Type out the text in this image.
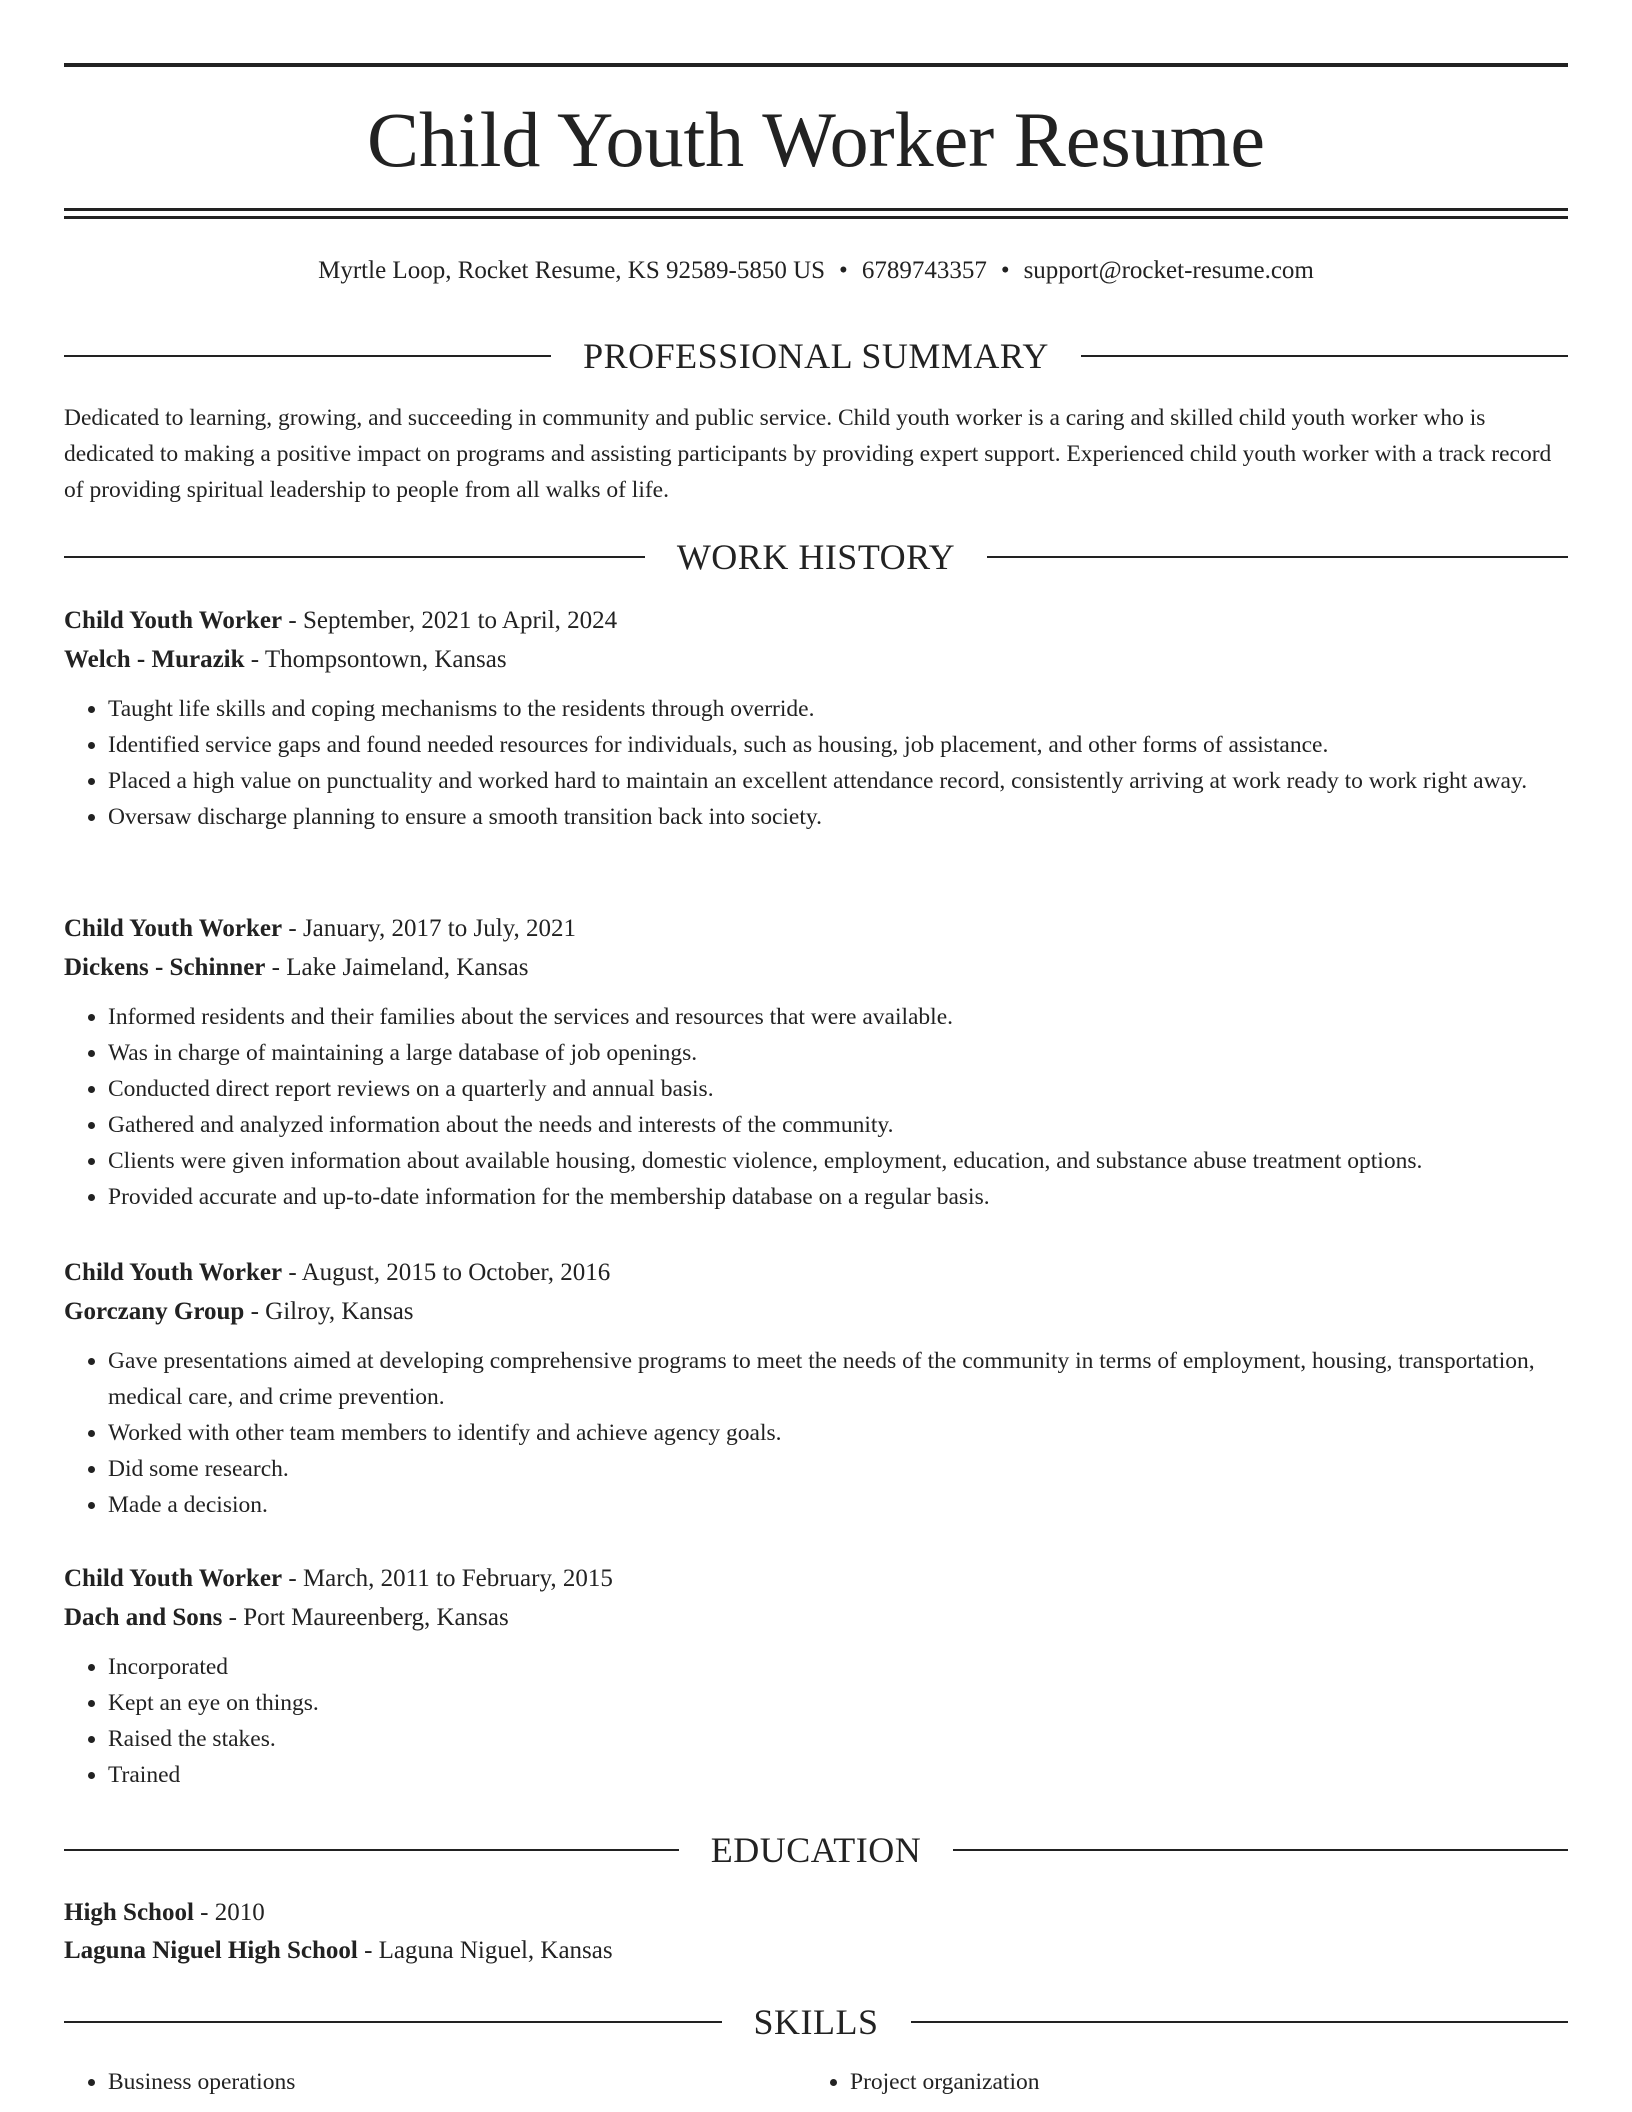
Child Youth Worker Resume
Myrtle Loop, Rocket Resume, KS 92589-5850 US • 6789743357 • support@rocket-resume.com
PROFESSIONAL SUMMARY

Dedicated to learning, growing, and succeeding in community and public service. Child youth worker is a caring and skilled child youth worker who is dedicated to making a positive impact on programs and assisting participants by providing expert support. Experienced child youth worker with a track record of providing spiritual leadership to people from all walks of life.

WORK HISTORY
Child Youth Worker - September, 2021 to April, 2024
Welch - Murazik - Thompsontown, Kansas
• Taught life skills and coping mechanisms to the residents through override.
• Identified service gaps and found needed resources for individuals, such as housing, job placement, and other forms of assistance.
• Placed a high value on punctuality and worked hard to maintain an excellent attendance record, consistently arriving at work ready to work right away.
• Oversaw discharge planning to ensure a smooth transition back into society.
Child Youth Worker - January, 2017 to July, 2021
Dickens - Schinner - Lake Jaimeland, Kansas
• Informed residents and their families about the services and resources that were available.
• Was in charge of maintaining a large database of job openings.
• Conducted direct report reviews on a quarterly and annual basis.
• Gathered and analyzed information about the needs and interests of the community.
• Clients were given information about available housing, domestic violence, employment, education, and substance abuse treatment options.
• Provided accurate and up-to-date information for the membership database on a regular basis.
Child Youth Worker - August, 2015 to October, 2016
Gorczany Group - Gilroy, Kansas
• Gave presentations aimed at developing comprehensive programs to meet the needs of the community in terms of employment, housing, transportation, medical care, and crime prevention.
• Worked with other team members to identify and achieve agency goals.
• Did some research.
• Made a decision.
Child Youth Worker - March, 2011 to February, 2015
Dach and Sons - Port Maureenberg, Kansas
• Incorporated
• Kept an eye on things.
• Raised the stakes.
• Trained
EDUCATION
High School - 2010
Laguna Niguel High School - Laguna Niguel, Kansas
SKILLS
• Business operations
•	Project organization
